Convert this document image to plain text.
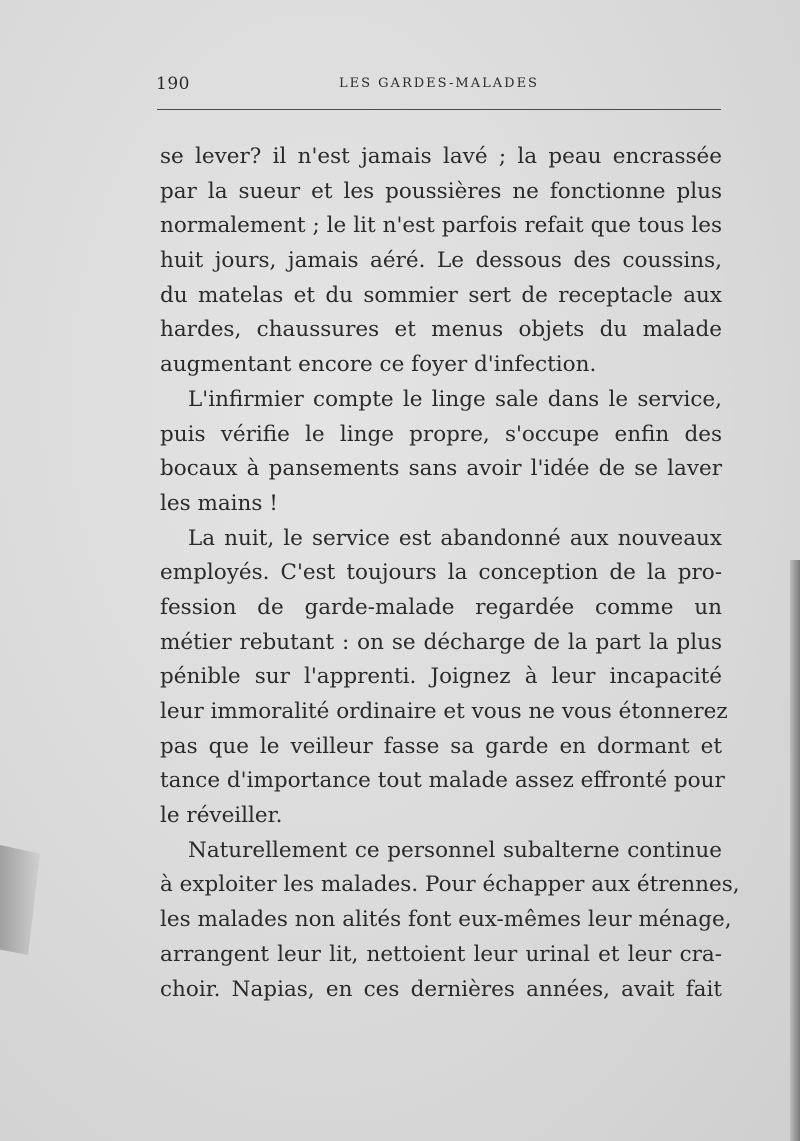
190	LES GARDES-MALADES
se lever? il n'est jamais lavé ; la peau encrassée
par la sueur et les poussières ne fonctionne plus
normalement ; le lit n'est parfois refait que tous les
huit jours, jamais aéré. Le dessous des coussins,
du matelas et du sommier sert de receptacle aux
hardes, chaussures et menus objets du malade
augmentant encore ce foyer d'infection.
L'infirmier compte le linge sale dans le service,
puis vérifie le linge propre, s'occupe enfin des
bocaux à pansements sans avoir l'idée de se laver
les mains !
La nuit, le service est abandonné aux nouveaux
employés. C'est toujours la conception de la pro-
fession de garde-malade regardée comme un
métier rebutant : on se décharge de la part la plus
pénible sur l'apprenti. Joignez à leur incapacité
leur immoralité ordinaire et vous ne vous étonnerez
pas que le veilleur fasse sa garde en dormant et
tance d'importance tout malade assez effronté pour
le réveiller.
Naturellement ce personnel subalterne continue
à exploiter les malades. Pour échapper aux étrennes,
les malades non alités font eux-mêmes leur ménage,
arrangent leur lit, nettoient leur urinal et leur cra-
choir. Napias, en ces dernières années, avait fait
